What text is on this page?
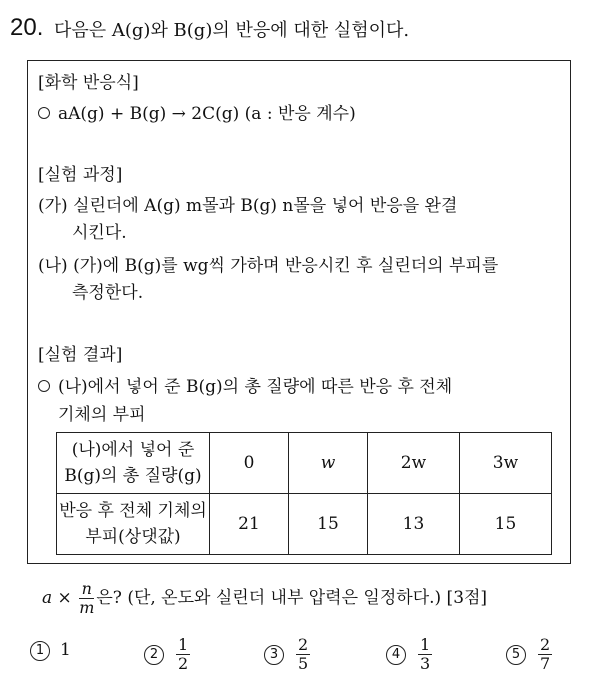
20. 다음은 A(g)와 B(g)의 반응에 대한 실험이다.
[화학 반응식]
aA(g) + B(g) → 2C(g) (a : 반응 계수)
[실험 과정]
(가) 실린더에 A(g) m몰과 B(g) n몰을 넣어 반응을 완결
시킨다.
(나) (가)에 B(g)를 wg씩 가하며 반응시킨 후 실린더의 부피를
측정한다.
[실험 결과]
(나)에서 넣어 준 B(g)의 총 질량에 따른 반응 후 전체
기체의 부피
(나)에서 넣어 준
B(g)의 총 질량(g)	0	w	2w	3w

반응 후 전체 기체의
부피(상댓값)	21	15	13	15
$a \times \frac{n}{m}$ 은? (단, 온도와 실린더 내부 압력은 일정하다.) [3점]
1 1	$2 \frac{1}{2}$	$3 \frac{2}{5}$	$4 \frac{1}{3}$	$5 \frac{2}{7}$
